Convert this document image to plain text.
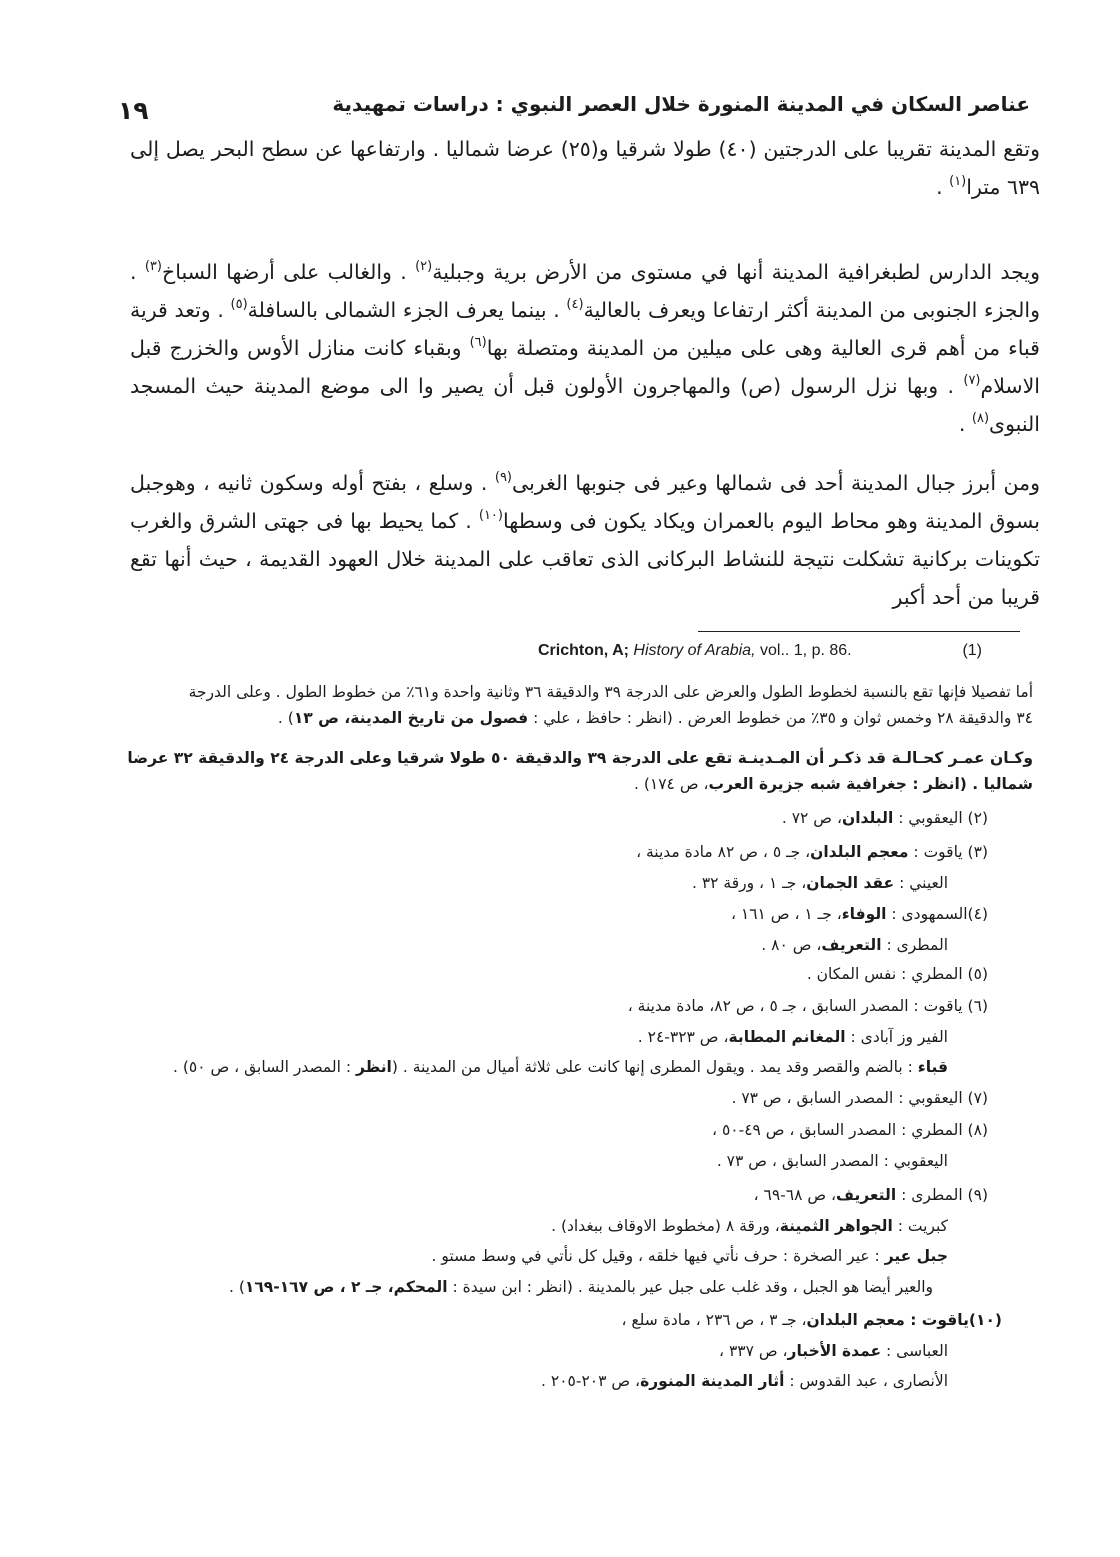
١٩	عناصر السكان في المدينة المنورة خلال العصر النبوي : دراسات تمهيدية
وتقع المدينة تقريبا على الدرجتين (٤٠) طولا شرقيا و(٢٥) عرضا شماليا . وارتفاعها عن سطح البحر يصل إلى ٦٣٩ مترا$^{(١)}$ .
ويجد الدارس لطبغرافية المدينة أنها في مستوى من الأرض برية وجبلية$^{(٢)}$ . والغالب على أرضها السباخ$^{(٣)}$ . والجزء الجنوبى من المدينة أكثر ارتفاعا ويعرف بالعالية$^{(٤)}$ . بينما يعرف الجزء الشمالى بالسافلة$^{(٥)}$ . وتعد قرية قباء من أهم قرى العالية وهى على ميلين من المدينة ومتصلة بها$^{(٦)}$ وبقباء كانت منازل الأوس والخزرج قبل الاسلام$^{(٧)}$ . وبها نزل الرسول (ص) والمهاجرون الأولون قبل أن يصير وا الى موضع المدينة حيث المسجد النبوى$^{(٨)}$ .
ومن أبرز جبال المدينة أحد فى شمالها وعير فى جنوبها الغربى$^{(٩)}$ . وسلع ، بفتح أوله وسكون ثانيه ، وهوجبل بسوق المدينة وهو محاط اليوم بالعمران ويكاد يكون فى وسطها$^{(١٠)}$ . كما يحيط بها فى جهتى الشرق والغرب تكوينات بركانية تشكلت نتيجة للنشاط البركانى الذى تعاقب على المدينة خلال العهود القديمة ، حيث أنها تقع قريبا من أحد أكبر
Crichton, A; History of Arabia, vol.. 1, p. 86.	(1)
أما تفصيلا فإنها تقع بالنسبة لخطوط الطول والعرض على الدرجة ٣٩ والدقيقة ٣٦ وثانية واحدة و٦١٪ من خطوط الطول . وعلى الدرجة
٣٤ والدقيقة ٢٨ وخمس ثوان و ٣٥٪ من خطوط العرض . (انظر : حافظ ، علي : فصول من تاريخ المدينة، ص ١٣) .
وكـان عمـر كحـالـة قد ذكـر أن المـدينـة تقع على الدرجة ٣٩ والدقيقة ٥٠ طولا شرقيا وعلى الدرجة ٢٤ والدقيقة ٣٢ عرضا
شماليا . (انظر : جغرافية شبه جزيرة العرب، ص ١٧٤) .
(٢) اليعقوبي : البلدان، ص ٧٢ .
(٣) ياقوت : معجم البلدان، جـ ٥ ، ص ٨٢ مادة مدينة ،
العيني : عقد الجمان، جـ ١ ، ورقة ٣٢ .
(٤)السمهودى : الوفاء، جـ ١ ، ص ١٦١ ،
المطرى : التعريف، ص ٨٠ .
(٥) المطري : نفس المكان .
(٦) ياقوت : المصدر السابق ، جـ ٥ ، ص ٨٢، مادة مدينة ،
الفير وز آبادى : المغانم المطابة، ص ٣٢٣-٢٤ .
قباء : بالضم والقصر وقد يمد . ويقول المطرى إنها كانت على ثلاثة أميال من المدينة . (انظر : المصدر السابق ، ص ٥٠) .
(٧) اليعقوبي : المصدر السابق ، ص ٧٣ .
(٨) المطري : المصدر السابق ، ص ٤٩-٥٠ ،
اليعقوبي : المصدر السابق ، ص ٧٣ .
(٩) المطرى : التعريف، ص ٦٨-٦٩ ،
كبريت : الجواهر الثمينة، ورقة ٨ (مخطوط الاوقاف ببغداد) .
جبل عير : عير الصخرة : حرف نأتي فيها خلقه ، وقيل كل نأتي في وسط مستو .
والعير أيضا هو الجبل ، وقد غلب على جبل عير بالمدينة . (انظر : ابن سيدة : المحكم، جـ ٢ ، ص ١٦٧-١٦٩) .
(١٠)ياقوت : معجم البلدان، جـ ٣ ، ص ٢٣٦ ، مادة سلع ،
العباسى : عمدة الأخبار، ص ٣٣٧ ،
الأنصارى ، عبد القدوس : أثار المدينة المنورة، ص ٢٠٣-٢٠٥ .
